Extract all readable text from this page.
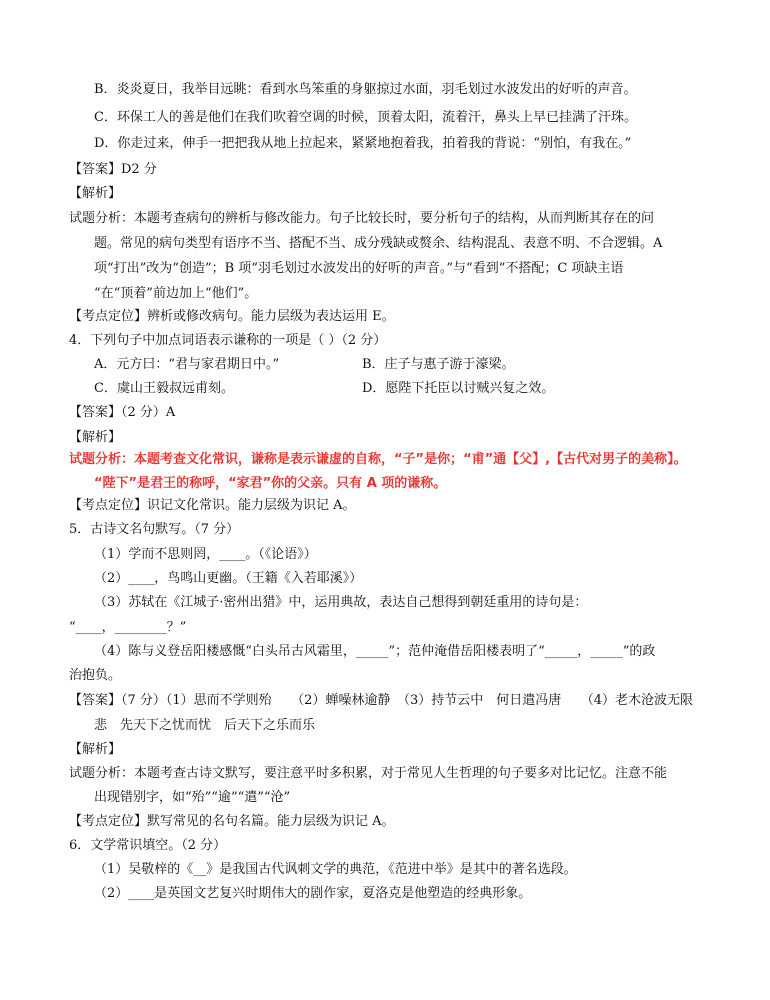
B．炎炎夏日，我举目远眺：看到水鸟笨重的身躯掠过水面，羽毛划过水波发出的好听的声音。
C．环保工人的善是他们在我们吹着空调的时候，顶着太阳，流着汗，鼻头上早已挂满了汗珠。
D．你走过来，伸手一把把我从地上拉起来，紧紧地抱着我，拍着我的背说：“别怕，有我在。”
【答案】D2 分
【解析】
试题分析：本题考查病句的辨析与修改能力。句子比较长时，要分析句子的结构，从而判断其存在的问
题。常见的病句类型有语序不当、搭配不当、成分残缺或赘余、结构混乱、表意不明、不合逻辑。A
项“打出”改为“创造”；B 项“羽毛划过水波发出的好听的声音。”与“看到”不搭配；C 项缺主语
“在“顶着”前边加上“他们”。
【考点定位】辨析或修改病句。能力层级为表达运用 E。
4．下列句子中加点词语表示谦称的一项是（ ）（2 分）
A．元方曰：“君与家君期日中。”	B．庄子与惠子游于濠梁。
C．虞山王毅叔远甫刻。	D．愿陛下托臣以讨贼兴复之效。
【答案】（2 分）A
【解析】
试题分析：本题考查文化常识，谦称是表示谦虚的自称，“子”是你；“甫”通【父】,【古代对男子的美称】。
“陛下”是君王的称呼，“家君”你的父亲。只有 A 项的谦称。
【考点定位】识记文化常识。能力层级为识记 A。
5．古诗文名句默写。（7 分）
（1）学而不思则罔，____。（《论语》）
（2）____，鸟鸣山更幽。（王籍《入若耶溪》）
（3）苏轼在《江城子·密州出猎》中，运用典故，表达自己想得到朝廷重用的诗句是：
“____，________？”
（4）陈与义登岳阳楼感慨“白头吊古风霜里，_____”；范仲淹借岳阳楼表明了“_____，_____”的政
治抱负。
【答案】（7 分）（1）思而不学则殆　　（2）蝉噪林逾静　（3）持节云中　何日遣冯唐　　（4）老木沧波无限
悲　先天下之忧而忧　后天下之乐而乐
【解析】
试题分析：本题考查古诗文默写，要注意平时多积累，对于常见人生哲理的句子要多对比记忆。注意不能
出现错别字，如“殆”“逾”“遣”“沧”
【考点定位】默写常见的名句名篇。能力层级为识记 A。
6．文学常识填空。（2 分）
（1）吴敬梓的《__》是我国古代讽刺文学的典范，《范进中举》是其中的著名选段。
（2）____是英国文艺复兴时期伟大的剧作家，夏洛克是他塑造的经典形象。
